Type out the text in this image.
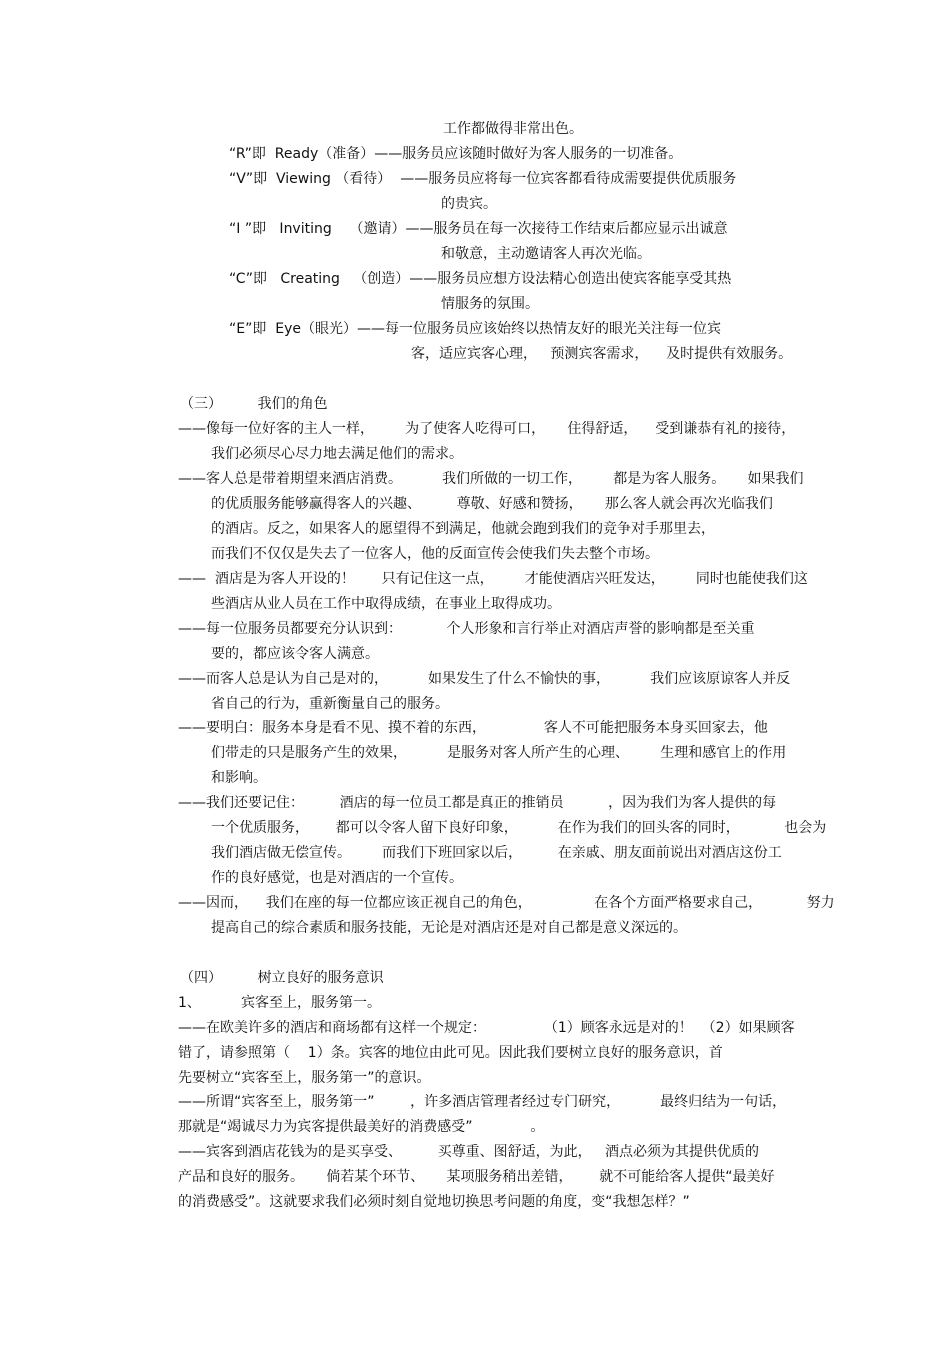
工作都做得非常出色。
“R”即  Ready（准备）——服务员应该随时做好为客人服务的一切准备。
“V”即  Viewing （看待）  ——服务员应将每一位宾客都看待成需要提供优质服务
的贵宾。
“I ”即   Inviting    （邀请）——服务员在每一次接待工作结束后都应显示出诚意
和敬意，主动邀请客人再次光临。
“C”即   Creating   （创造）——服务员应想方设法精心创造出使宾客能享受其热
情服务的氛围。
“E”即  Eye（眼光）——每一位服务员应该始终以热情友好的眼光关注每一位宾
客，适应宾客心理，   预测宾客需求，    及时提供有效服务。
（三）        我们的角色
——像每一位好客的主人一样，       为了使客人吃得可口，     住得舒适，    受到谦恭有礼的接待，
我们必须尽心尽力地去满足他们的需求。
——客人总是带着期望来酒店消费。         我们所做的一切工作，       都是为客人服务。     如果我们
的优质服务能够赢得客人的兴趣、        尊敬、好感和赞扬，     那么客人就会再次光临我们
的酒店。反之，如果客人的愿望得不到满足，他就会跑到我们的竞争对手那里去，
而我们不仅仅是失去了一位客人，他的反面宣传会使我们失去整个市场。
——  酒店是为客人开设的！      只有记住这一点，       才能使酒店兴旺发达，       同时也能使我们这
些酒店从业人员在工作中取得成绩，在事业上取得成功。
——每一位服务员都要充分认识到：          个人形象和言行举止对酒店声誉的影响都是至关重
要的，都应该令客人满意。
——而客人总是认为自己是对的，         如果发生了什么不愉快的事，         我们应该原谅客人并反
省自己的行为，重新衡量自己的服务。
——要明白：服务本身是看不见、摸不着的东西，             客人不可能把服务本身买回家去，他
们带走的只是服务产生的效果，         是服务对客人所产生的心理、       生理和感官上的作用
和影响。
——我们还要记住：        酒店的每一位员工都是真正的推销员          ，因为我们为客人提供的每
一个优质服务，      都可以令客人留下良好印象，         在作为我们的回头客的同时，          也会为
我们酒店做无偿宣传。       而我们下班回家以后，        在亲戚、朋友面前说出对酒店这份工
作的良好感觉，也是对酒店的一个宣传。
——因而，    我们在座的每一位都应该正视自己的角色，              在各个方面严格要求自己，          努力
提高自己的综合素质和服务技能，无论是对酒店还是对自己都是意义深远的。
（四）        树立良好的服务意识
1、         宾客至上，服务第一。
——在欧美许多的酒店和商场都有这样一个规定：             （1）顾客永远是对的！  （2）如果顾客
错了，请参照第（    1）条。宾客的地位由此可见。因此我们要树立良好的服务意识，首
先要树立“宾客至上，服务第一”的意识。
——所谓“宾客至上，服务第一”        ，许多酒店管理者经过专门研究，         最终归结为一句话，
那就是“竭诚尽力为宾客提供最美好的消费感受”             。
——宾客到酒店花钱为的是买享受、        买尊重、图舒适，为此，   酒点必须为其提供优质的
产品和良好的服务。     倘若某个环节、     某项服务稍出差错，      就不可能给客人提供“最美好
的消费感受”。这就要求我们必须时刻自觉地切换思考问题的角度，变“我想怎样？”
